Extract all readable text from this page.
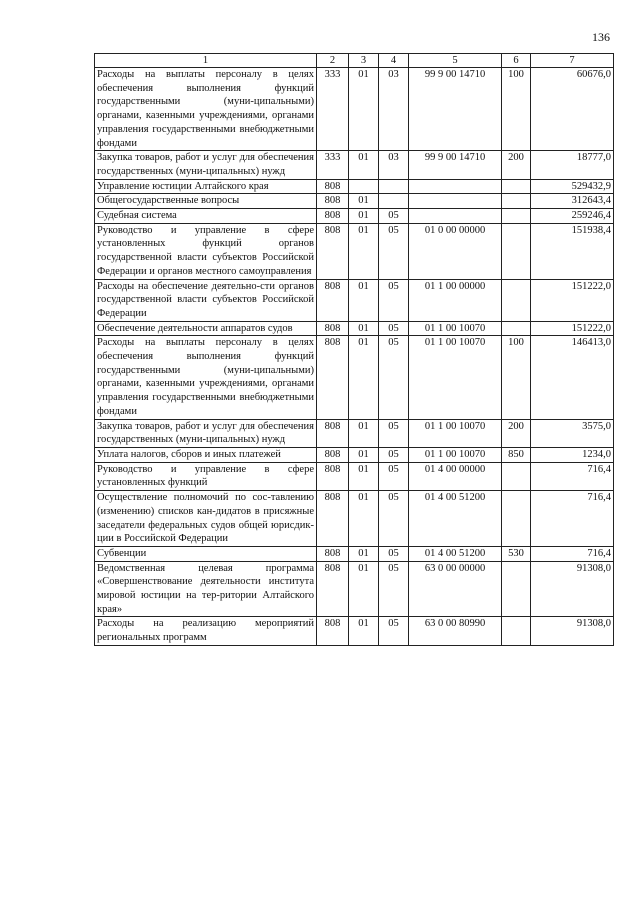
136
1	2	3	4	5	6	7
Расходы на выплаты персоналу в целях обеспечения выполнения функций государственными (муни-ципальными) органами, казенными учреждениями, органами управления государственными внебюджетными фондами	333	01	03	99 9 00 14710	100	60676,0
Закупка товаров, работ и услуг для обеспечения государственных (муни-ципальных) нужд	333	01	03	99 9 00 14710	200	18777,0
Управление юстиции Алтайского края	808					529432,9
Общегосударственные вопросы	808	01				312643,4
Судебная система	808	01	05			259246,4
Руководство и управление в сфере установленных функций органов государственной власти субъектов Российской Федерации и органов местного самоуправления	808	01	05	01 0 00 00000		151938,4
Расходы на обеспечение деятельно-сти органов государственной власти субъектов Российской Федерации	808	01	05	01 1 00 00000		151222,0
Обеспечение деятельности аппаратов судов	808	01	05	01 1 00 10070		151222,0
Расходы на выплаты персоналу в целях обеспечения выполнения функций государственными (муни-ципальными) органами, казенными учреждениями, органами управления государственными внебюджетными фондами	808	01	05	01 1 00 10070	100	146413,0
Закупка товаров, работ и услуг для обеспечения государственных (муни-ципальных) нужд	808	01	05	01 1 00 10070	200	3575,0
Уплата налогов, сборов и иных платежей	808	01	05	01 1 00 10070	850	1234,0
Руководство и управление в сфере установленных функций	808	01	05	01 4 00 00000		716,4
Осуществление полномочий по сос-тавлению (изменению) списков кан-дидатов в присяжные заседатели федеральных судов общей юрисдик-ции в Российской Федерации	808	01	05	01 4 00 51200		716,4
Субвенции	808	01	05	01 4 00 51200	530	716,4
Ведомственная целевая программа «Совершенствование деятельности института мировой юстиции на тер-ритории Алтайского края»	808	01	05	63 0 00 00000		91308,0
Расходы на реализацию мероприятий региональных программ	808	01	05	63 0 00 80990		91308,0
